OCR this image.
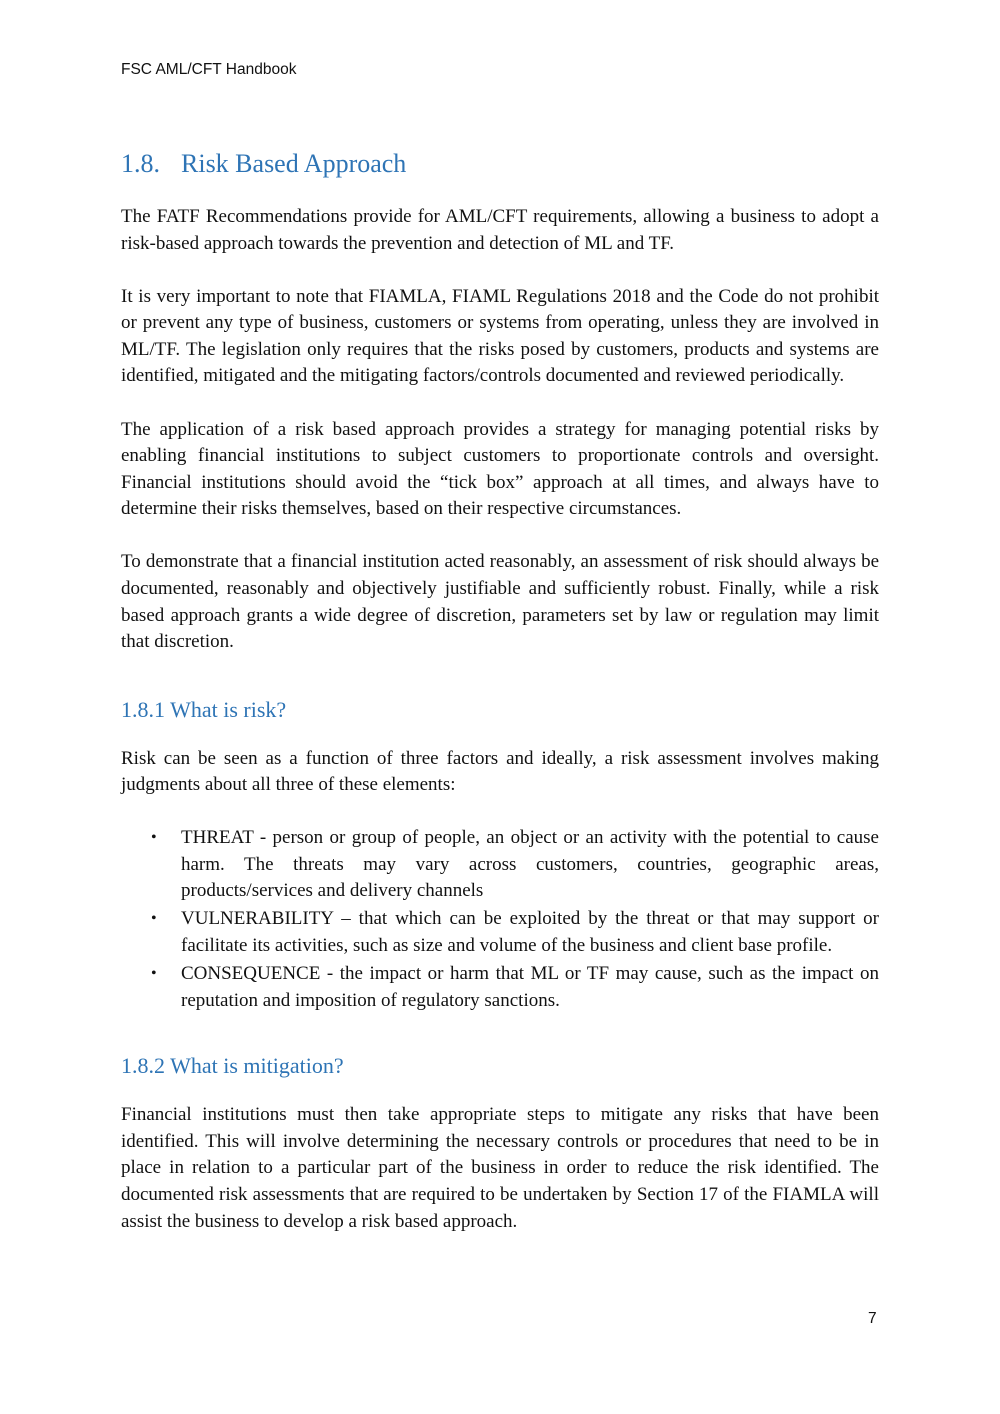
FSC AML/CFT Handbook
1.8. Risk Based Approach

The FATF Recommendations provide for AML/CFT requirements, allowing a business to adopt a risk-based approach towards the prevention and detection of ML and TF.

It is very important to note that FIAMLA, FIAML Regulations 2018 and the Code do not prohibit or prevent any type of business, customers or systems from operating, unless they are involved in ML/TF. The legislation only requires that the risks posed by customers, products and systems are identified, mitigated and the mitigating factors/controls documented and reviewed periodically.

The application of a risk based approach provides a strategy for managing potential risks by enabling financial institutions to subject customers to proportionate controls and oversight. Financial institutions should avoid the “tick box” approach at all times, and always have to determine their risks themselves, based on their respective circumstances.

To demonstrate that a financial institution acted reasonably, an assessment of risk should always be documented, reasonably and objectively justifiable and sufficiently robust. Finally, while a risk based approach grants a wide degree of discretion, parameters set by law or regulation may limit that discretion.

1.8.1 What is risk?

Risk can be seen as a function of three factors and ideally, a risk assessment involves making judgments about all three of these elements:

• THREAT - person or group of people, an object or an activity with the potential to cause harm. The threats may vary across customers, countries, geographic areas, products/services and delivery channels
• VULNERABILITY – that which can be exploited by the threat or that may support or facilitate its activities, such as size and volume of the business and client base profile.
• CONSEQUENCE - the impact or harm that ML or TF may cause, such as the impact on reputation and imposition of regulatory sanctions.
1.8.2 What is mitigation?

Financial institutions must then take appropriate steps to mitigate any risks that have been identified. This will involve determining the necessary controls or procedures that need to be in place in relation to a particular part of the business in order to reduce the risk identified. The documented risk assessments that are required to be undertaken by Section 17 of the FIAMLA will assist the business to develop a risk based approach.

7
